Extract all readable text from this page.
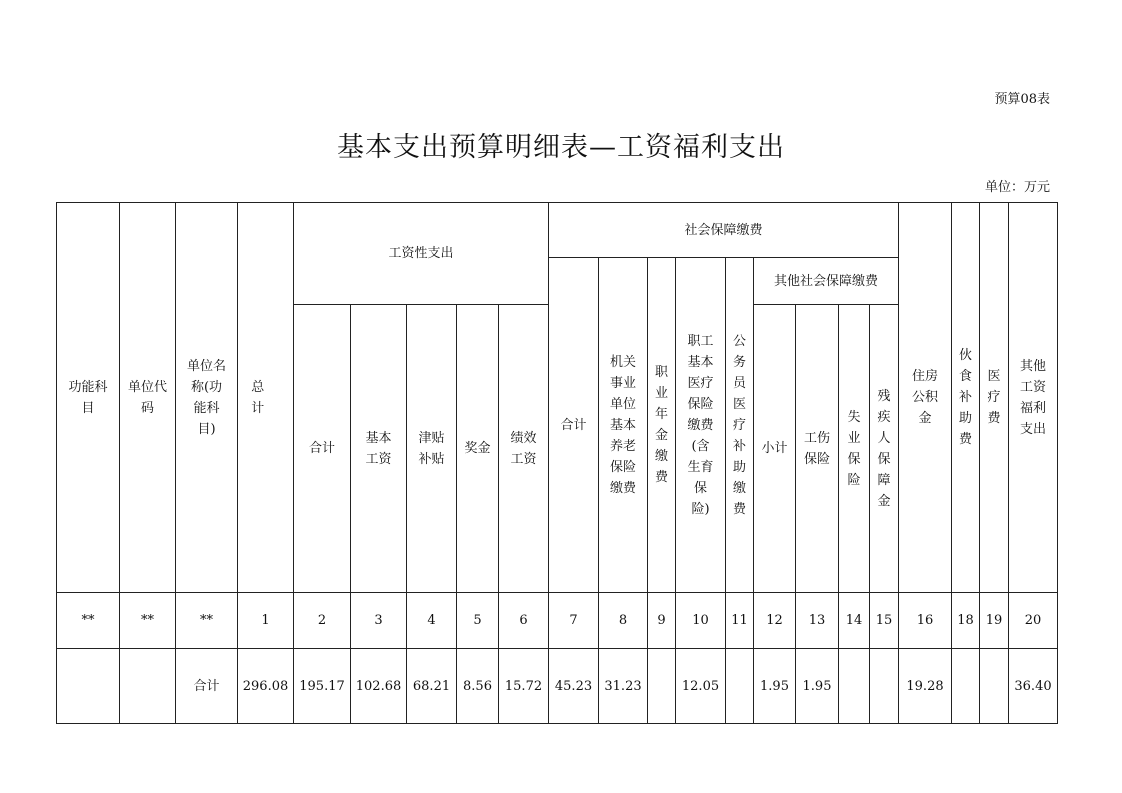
预算08表
基本支出预算明细表—工资福利支出
单位：万元
功能科目	单位代码	单位名称(功能科目)	总计	工资性支出					社会保障缴费									住房公积金	伙食补助费	医疗费	其他工资福利支出
									合计	机关事业单位基本养老保险缴费	职业年金缴费	职工基本医疗保险缴费(含生育保险)	公务员医疗补助缴费	其他社会保障缴费							

				合计	基本工资	津贴补贴	奖金	绩效工资						小计	工伤保险	失业保险	残疾人保障金				
**	**	**	1	2	3	4	5	6	7	8	9	10	11	12	13	14	15	16	18	19	20
		合计	296.08	195.17	102.68	68.21	8.56	15.72	45.23	31.23		12.05		1.95	1.95			19.28			36.40
